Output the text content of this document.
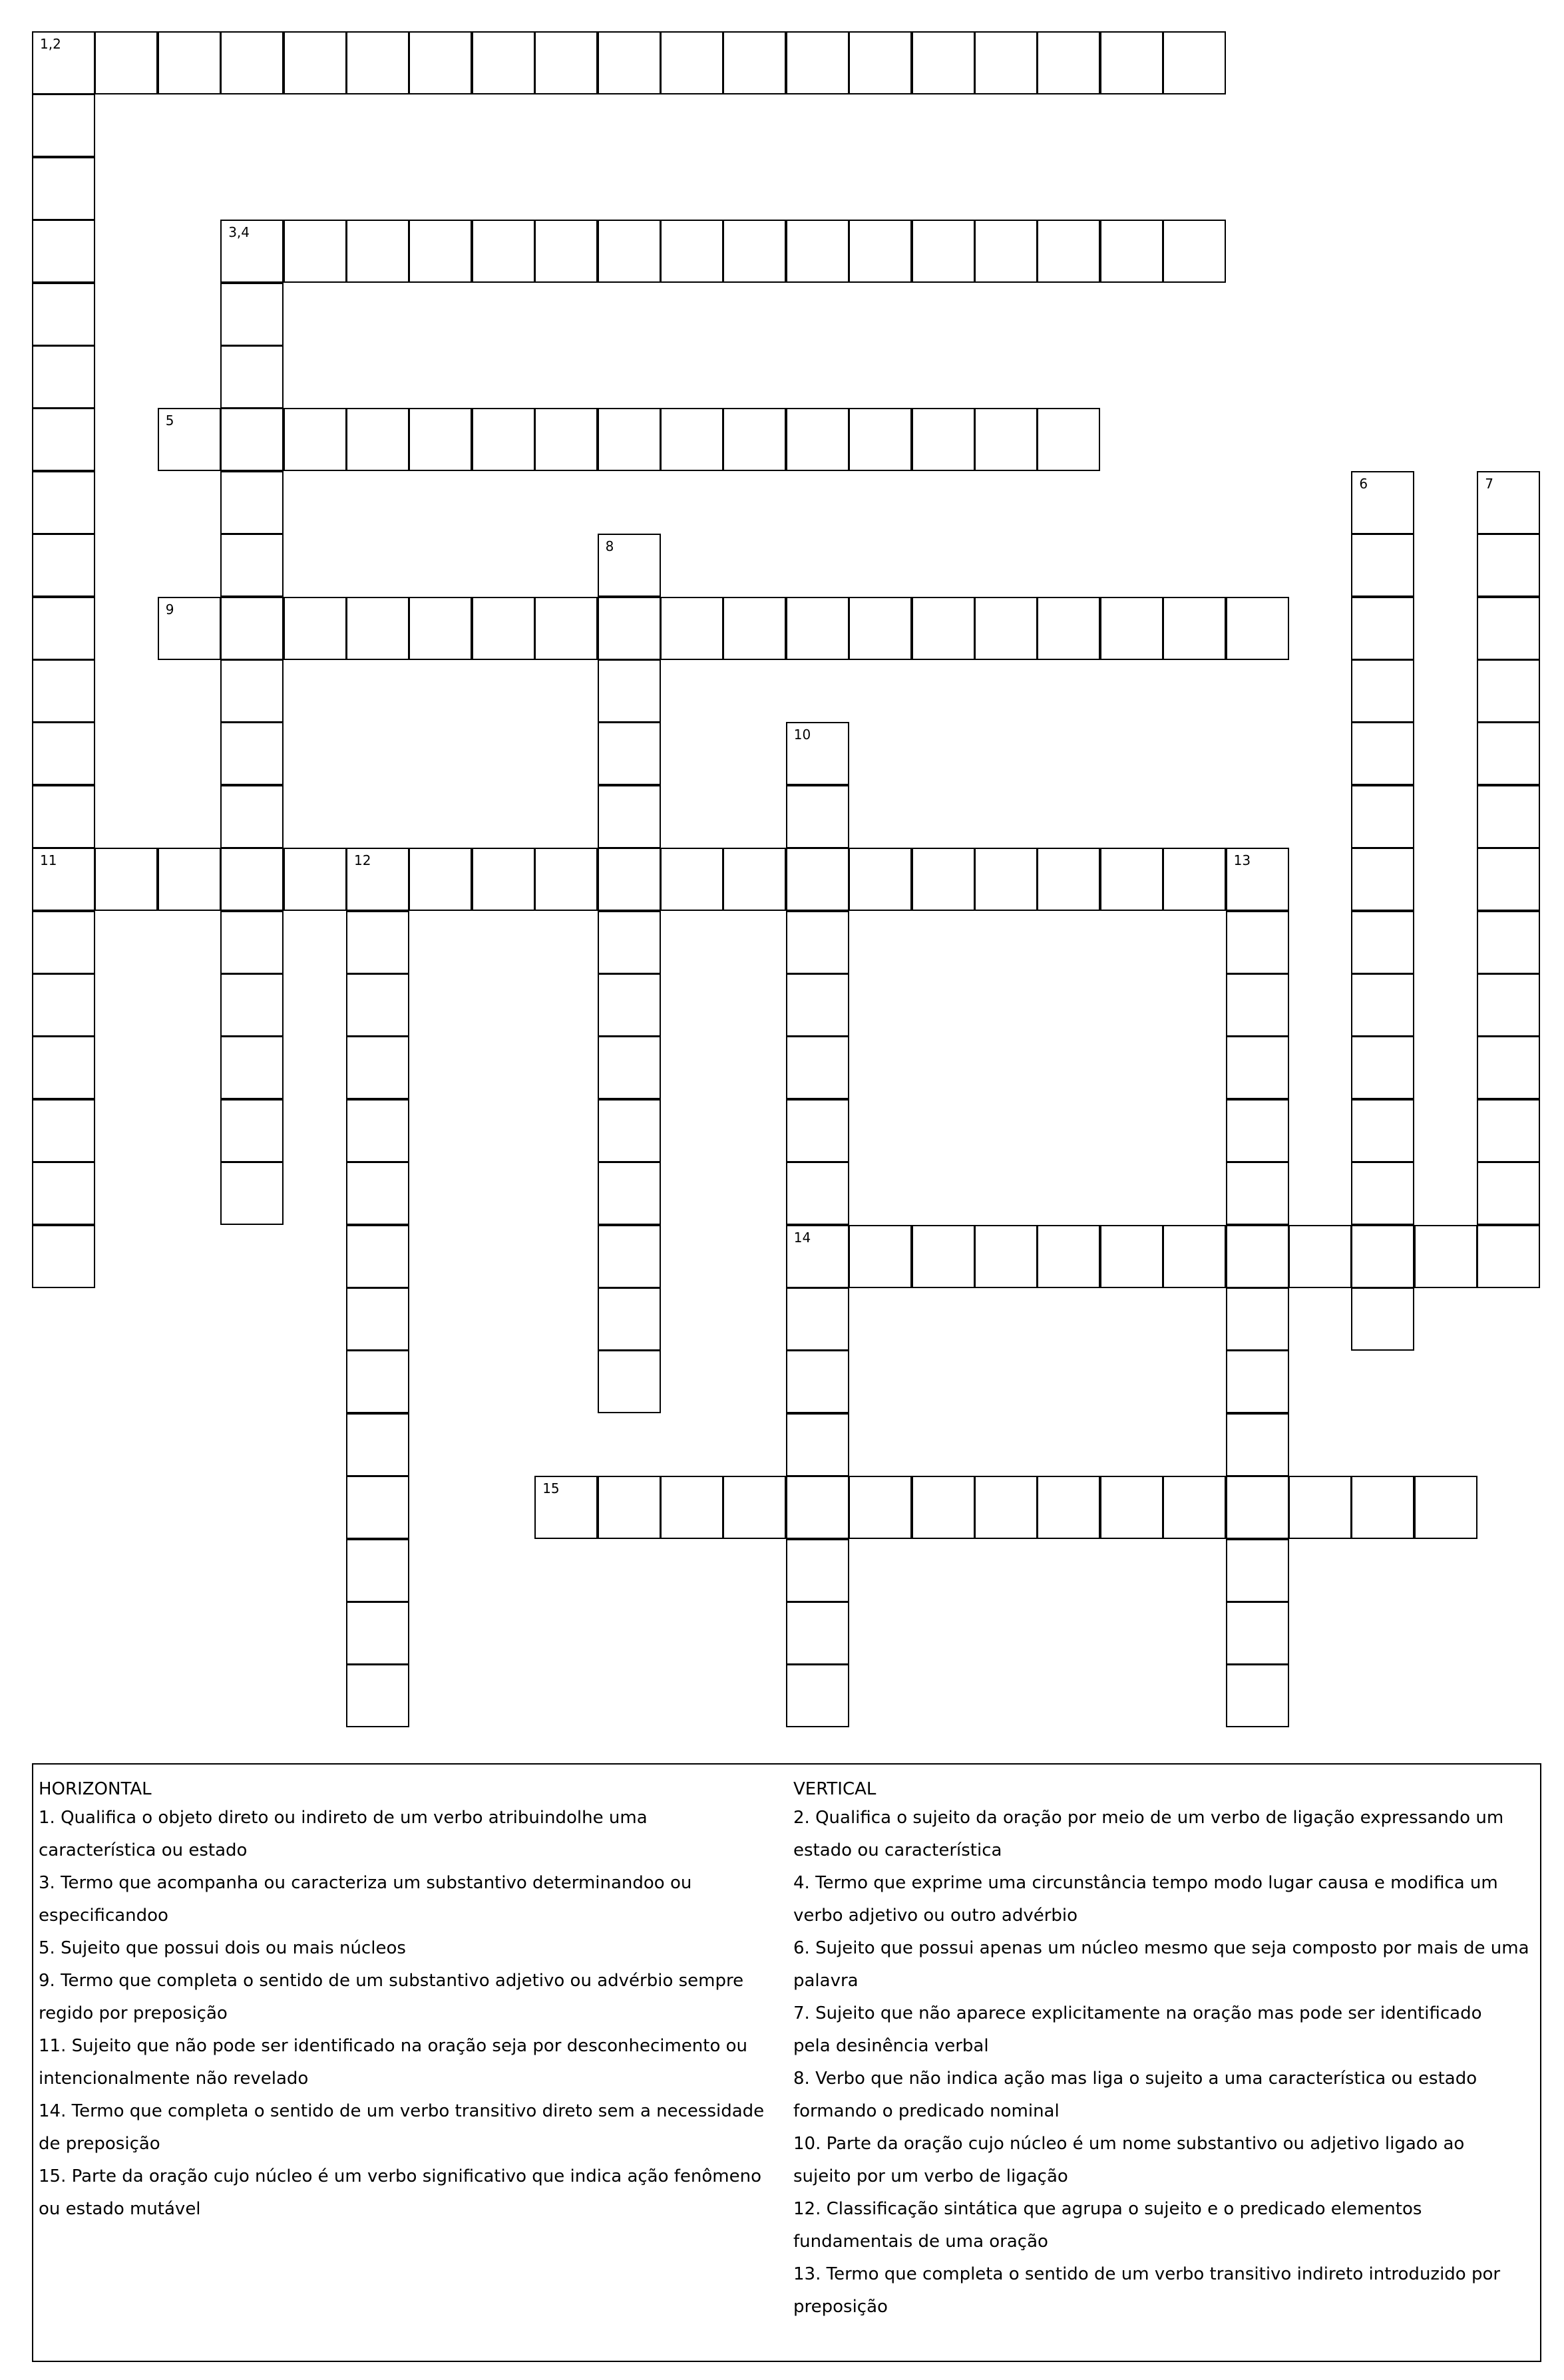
1,2
11
3,4
5
6	7
8
9
10
14
12	13
15
HORIZONTAL
1. Qualifica o objeto direto ou indireto de um verbo atribuindolhe uma
característica ou estado
3. Termo que acompanha ou caracteriza um substantivo determinandoo ou
especificandoo
5. Sujeito que possui dois ou mais núcleos
9. Termo que completa o sentido de um substantivo adjetivo ou advérbio sempre
regido por preposição
11. Sujeito que não pode ser identificado na oração seja por desconhecimento ou
intencionalmente não revelado
14. Termo que completa o sentido de um verbo transitivo direto sem a necessidade
de preposição
15. Parte da oração cujo núcleo é um verbo significativo que indica ação fenômeno
ou estado mutável
VERTICAL
2. Qualifica o sujeito da oração por meio de um verbo de ligação expressando um
estado ou característica
4. Termo que exprime uma circunstância tempo modo lugar causa e modifica um
verbo adjetivo ou outro advérbio
6. Sujeito que possui apenas um núcleo mesmo que seja composto por mais de uma
palavra
7. Sujeito que não aparece explicitamente na oração mas pode ser identificado
pela desinência verbal
8. Verbo que não indica ação mas liga o sujeito a uma característica ou estado
formando o predicado nominal
10. Parte da oração cujo núcleo é um nome substantivo ou adjetivo ligado ao
sujeito por um verbo de ligação
12. Classificação sintática que agrupa o sujeito e o predicado elementos
fundamentais de uma oração
13. Termo que completa o sentido de um verbo transitivo indireto introduzido por
preposição
